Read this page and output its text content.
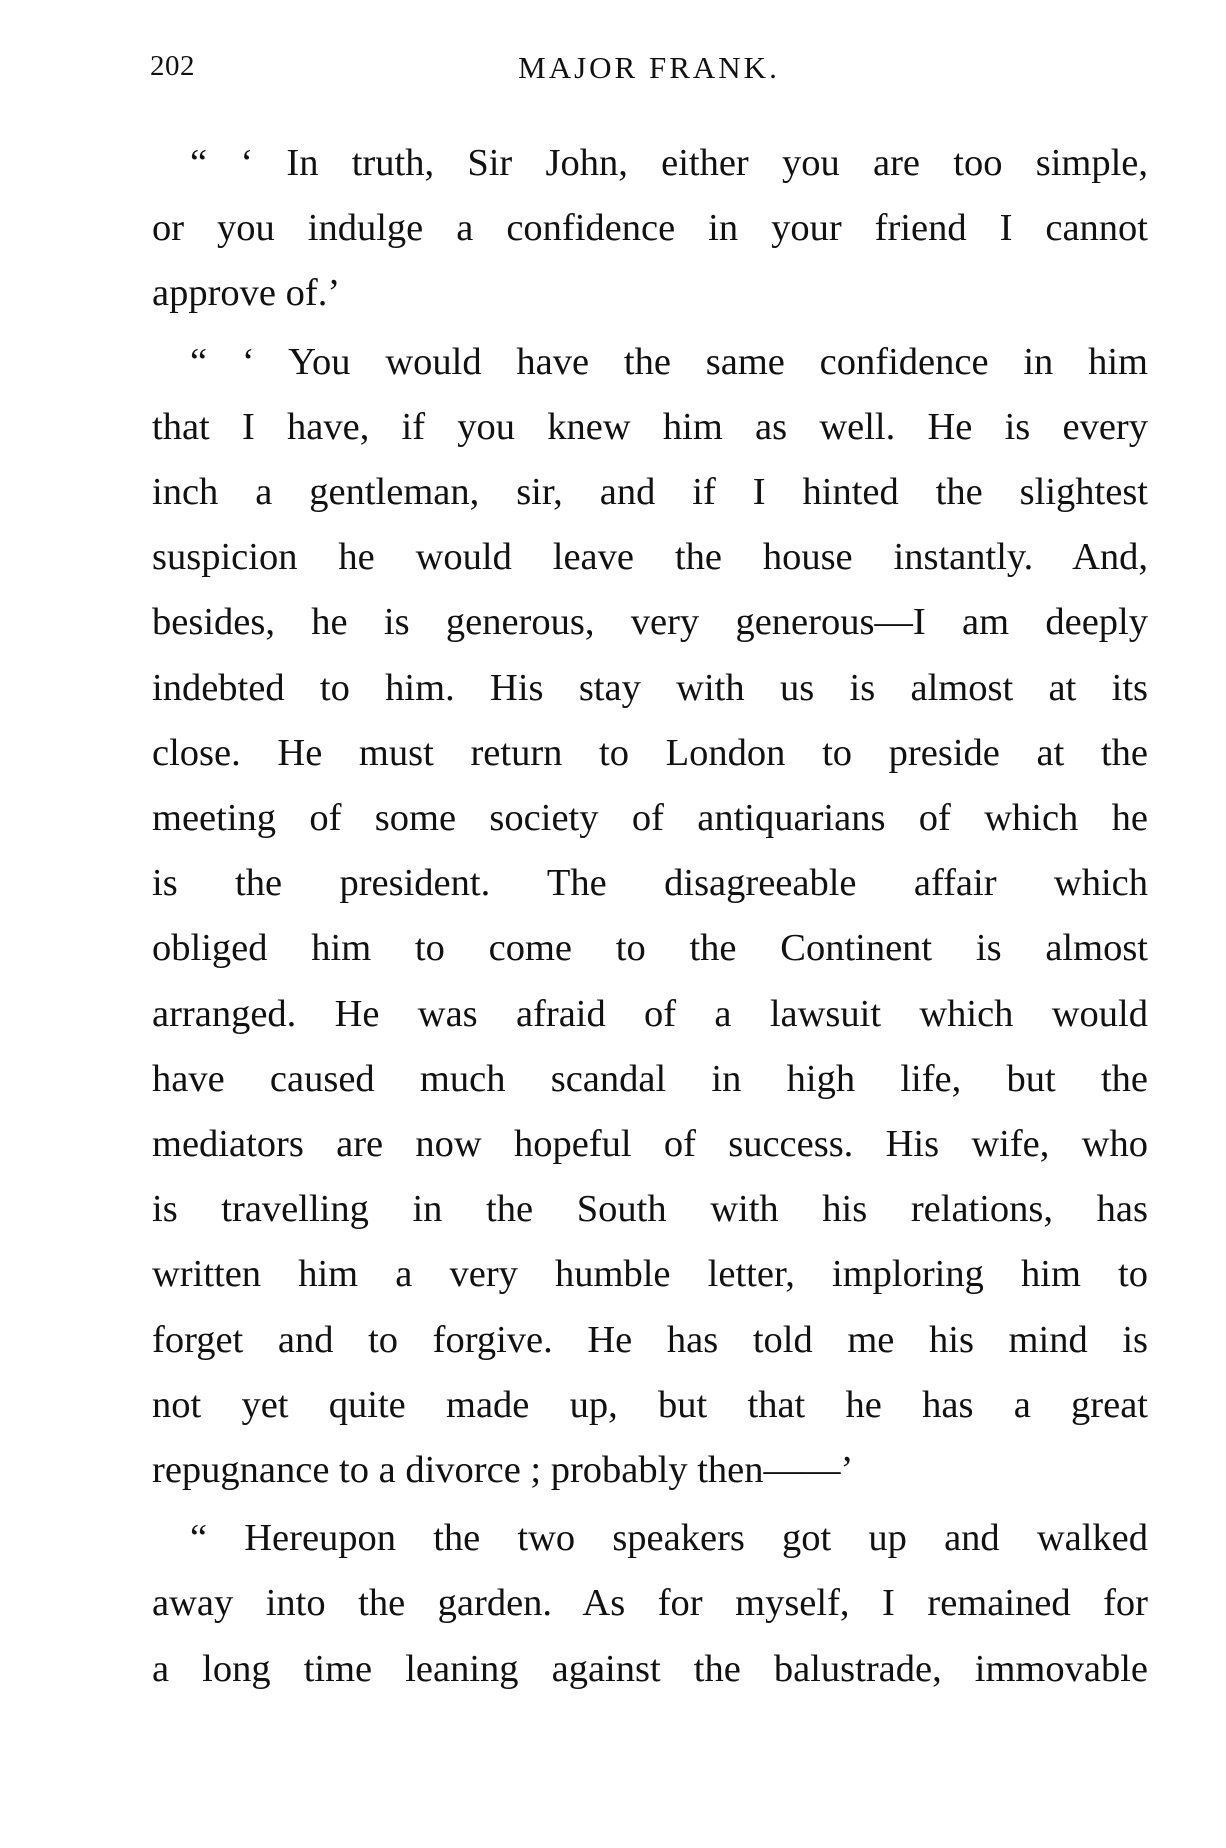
202	MAJOR FRANK.

“ ‘ In truth, Sir John, either you are too simple,
or you indulge a confidence in your friend I cannot
approve of.’

“ ‘ You would have the same confidence in him
that I have, if you knew him as well. He is every
inch a gentleman, sir, and if I hinted the slightest
suspicion he would leave the house instantly. And,
besides, he is generous, very generous—I am deeply
indebted to him. His stay with us is almost at its
close. He must return to London to preside at the
meeting of some society of antiquarians of which he
is the president. The disagreeable affair which
obliged him to come to the Continent is almost
arranged. He was afraid of a lawsuit which would
have caused much scandal in high life, but the
mediators are now hopeful of success. His wife, who
is travelling in the South with his relations, has
written him a very humble letter, imploring him to
forget and to forgive. He has told me his mind is
not yet quite made up, but that he has a great
repugnance to a divorce ; probably then——’

“ Hereupon the two speakers got up and walked
away into the garden. As for myself, I remained for
a long time leaning against the balustrade, immovable
